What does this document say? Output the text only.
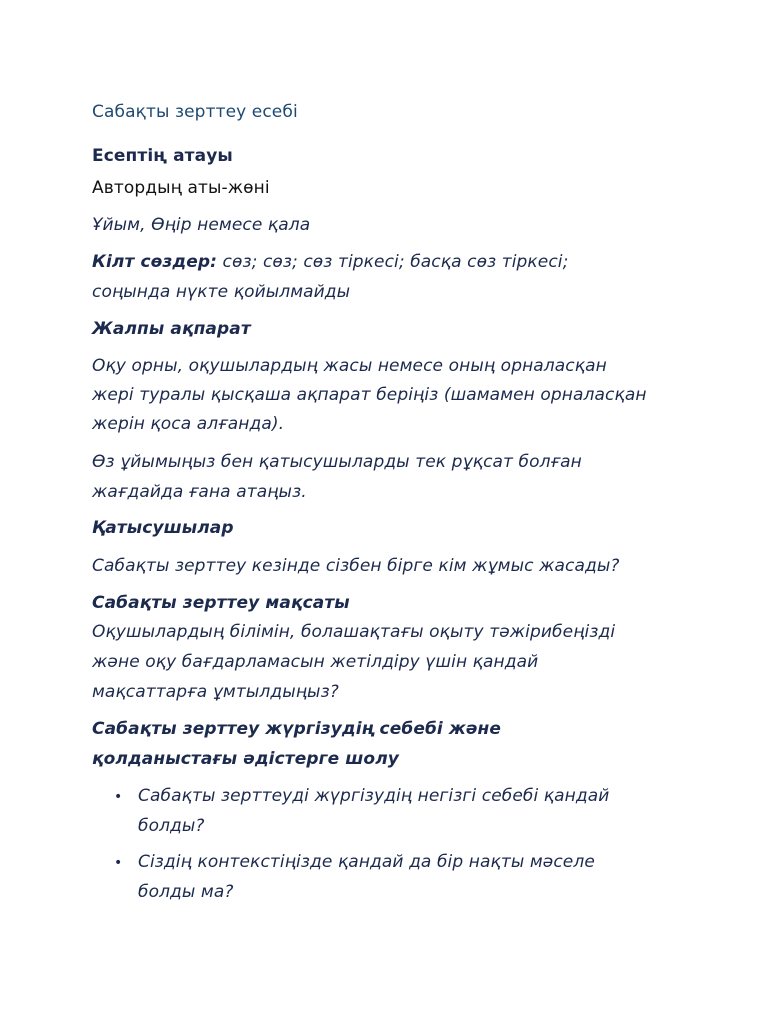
Сабақты зерттеу есебі

Есептің атауы

Автордың аты-жөні

Ұйым, Өңір немесе қала

Кілт сөздер: сөз; сөз; сөз тіркесі; басқа сөз тіркесі;

соңында нүкте қойылмайды

Жалпы ақпарат

Оқу орны, оқушылардың жасы немесе оның орналасқан

жері туралы қысқаша ақпарат беріңіз (шамамен орналасқан

жерін қоса алғанда).

Өз ұйымыңыз бен қатысушыларды тек рұқсат болған

жағдайда ғана атаңыз.

Қатысушылар

Сабақты зерттеу кезінде сізбен бірге кім жұмыс жасады?

Сабақты зерттеу мақсаты

Оқушылардың білімін, болашақтағы оқыту тәжірибеңізді

және оқу бағдарламасын жетілдіру үшін қандай

мақсаттарға ұмтылдыңыз?

Сабақты зерттеу жүргізудің себебі және

қолданыстағы әдістерге шолу

• Сабақты зерттеуді жүргізудің негізгі себебі қандай

болды?

• Сіздің контекстіңізде қандай да бір нақты мәселе

болды ма?
